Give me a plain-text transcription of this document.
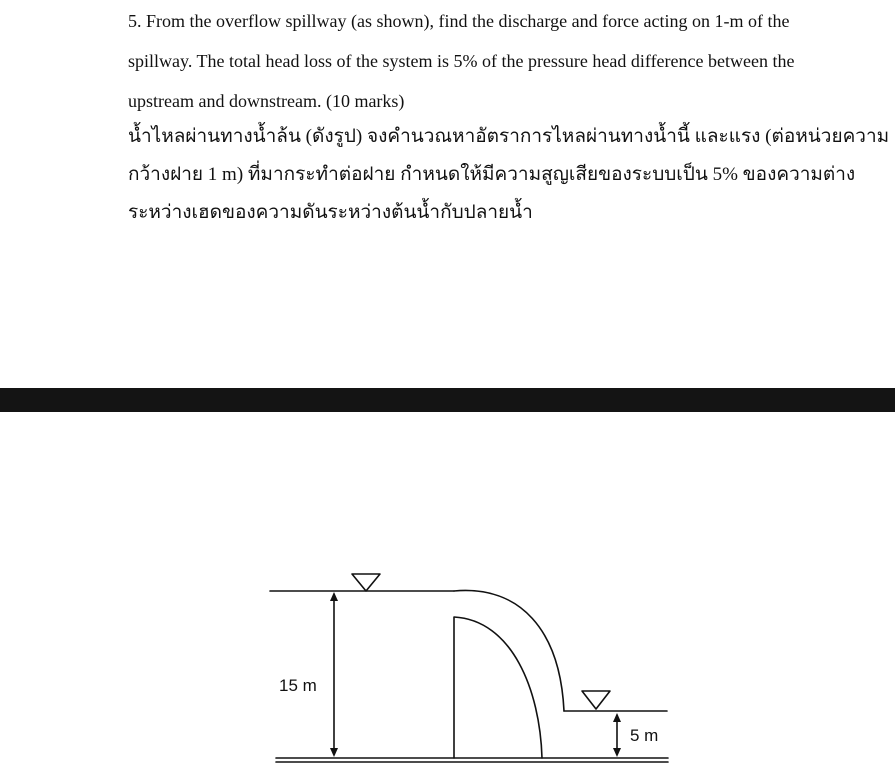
5. From the overflow spillway (as shown), find the discharge and force acting on 1-m of the
spillway. The total head loss of the system is 5% of the pressure head difference between the
upstream and downstream. (10 marks)
น้ำไหลผ่านทางน้ำล้น (ดังรูป) จงคำนวณหาอัตราการไหลผ่านทางน้ำนี้ และแรง (ต่อหน่วยความ
กว้างฝาย 1 m) ที่มากระทำต่อฝาย กำหนดให้มีความสูญเสียของระบบเป็น 5% ของความต่าง
ระหว่างเฮดของความดันระหว่างต้นน้ำกับปลายน้ำ
15 m
5 m
